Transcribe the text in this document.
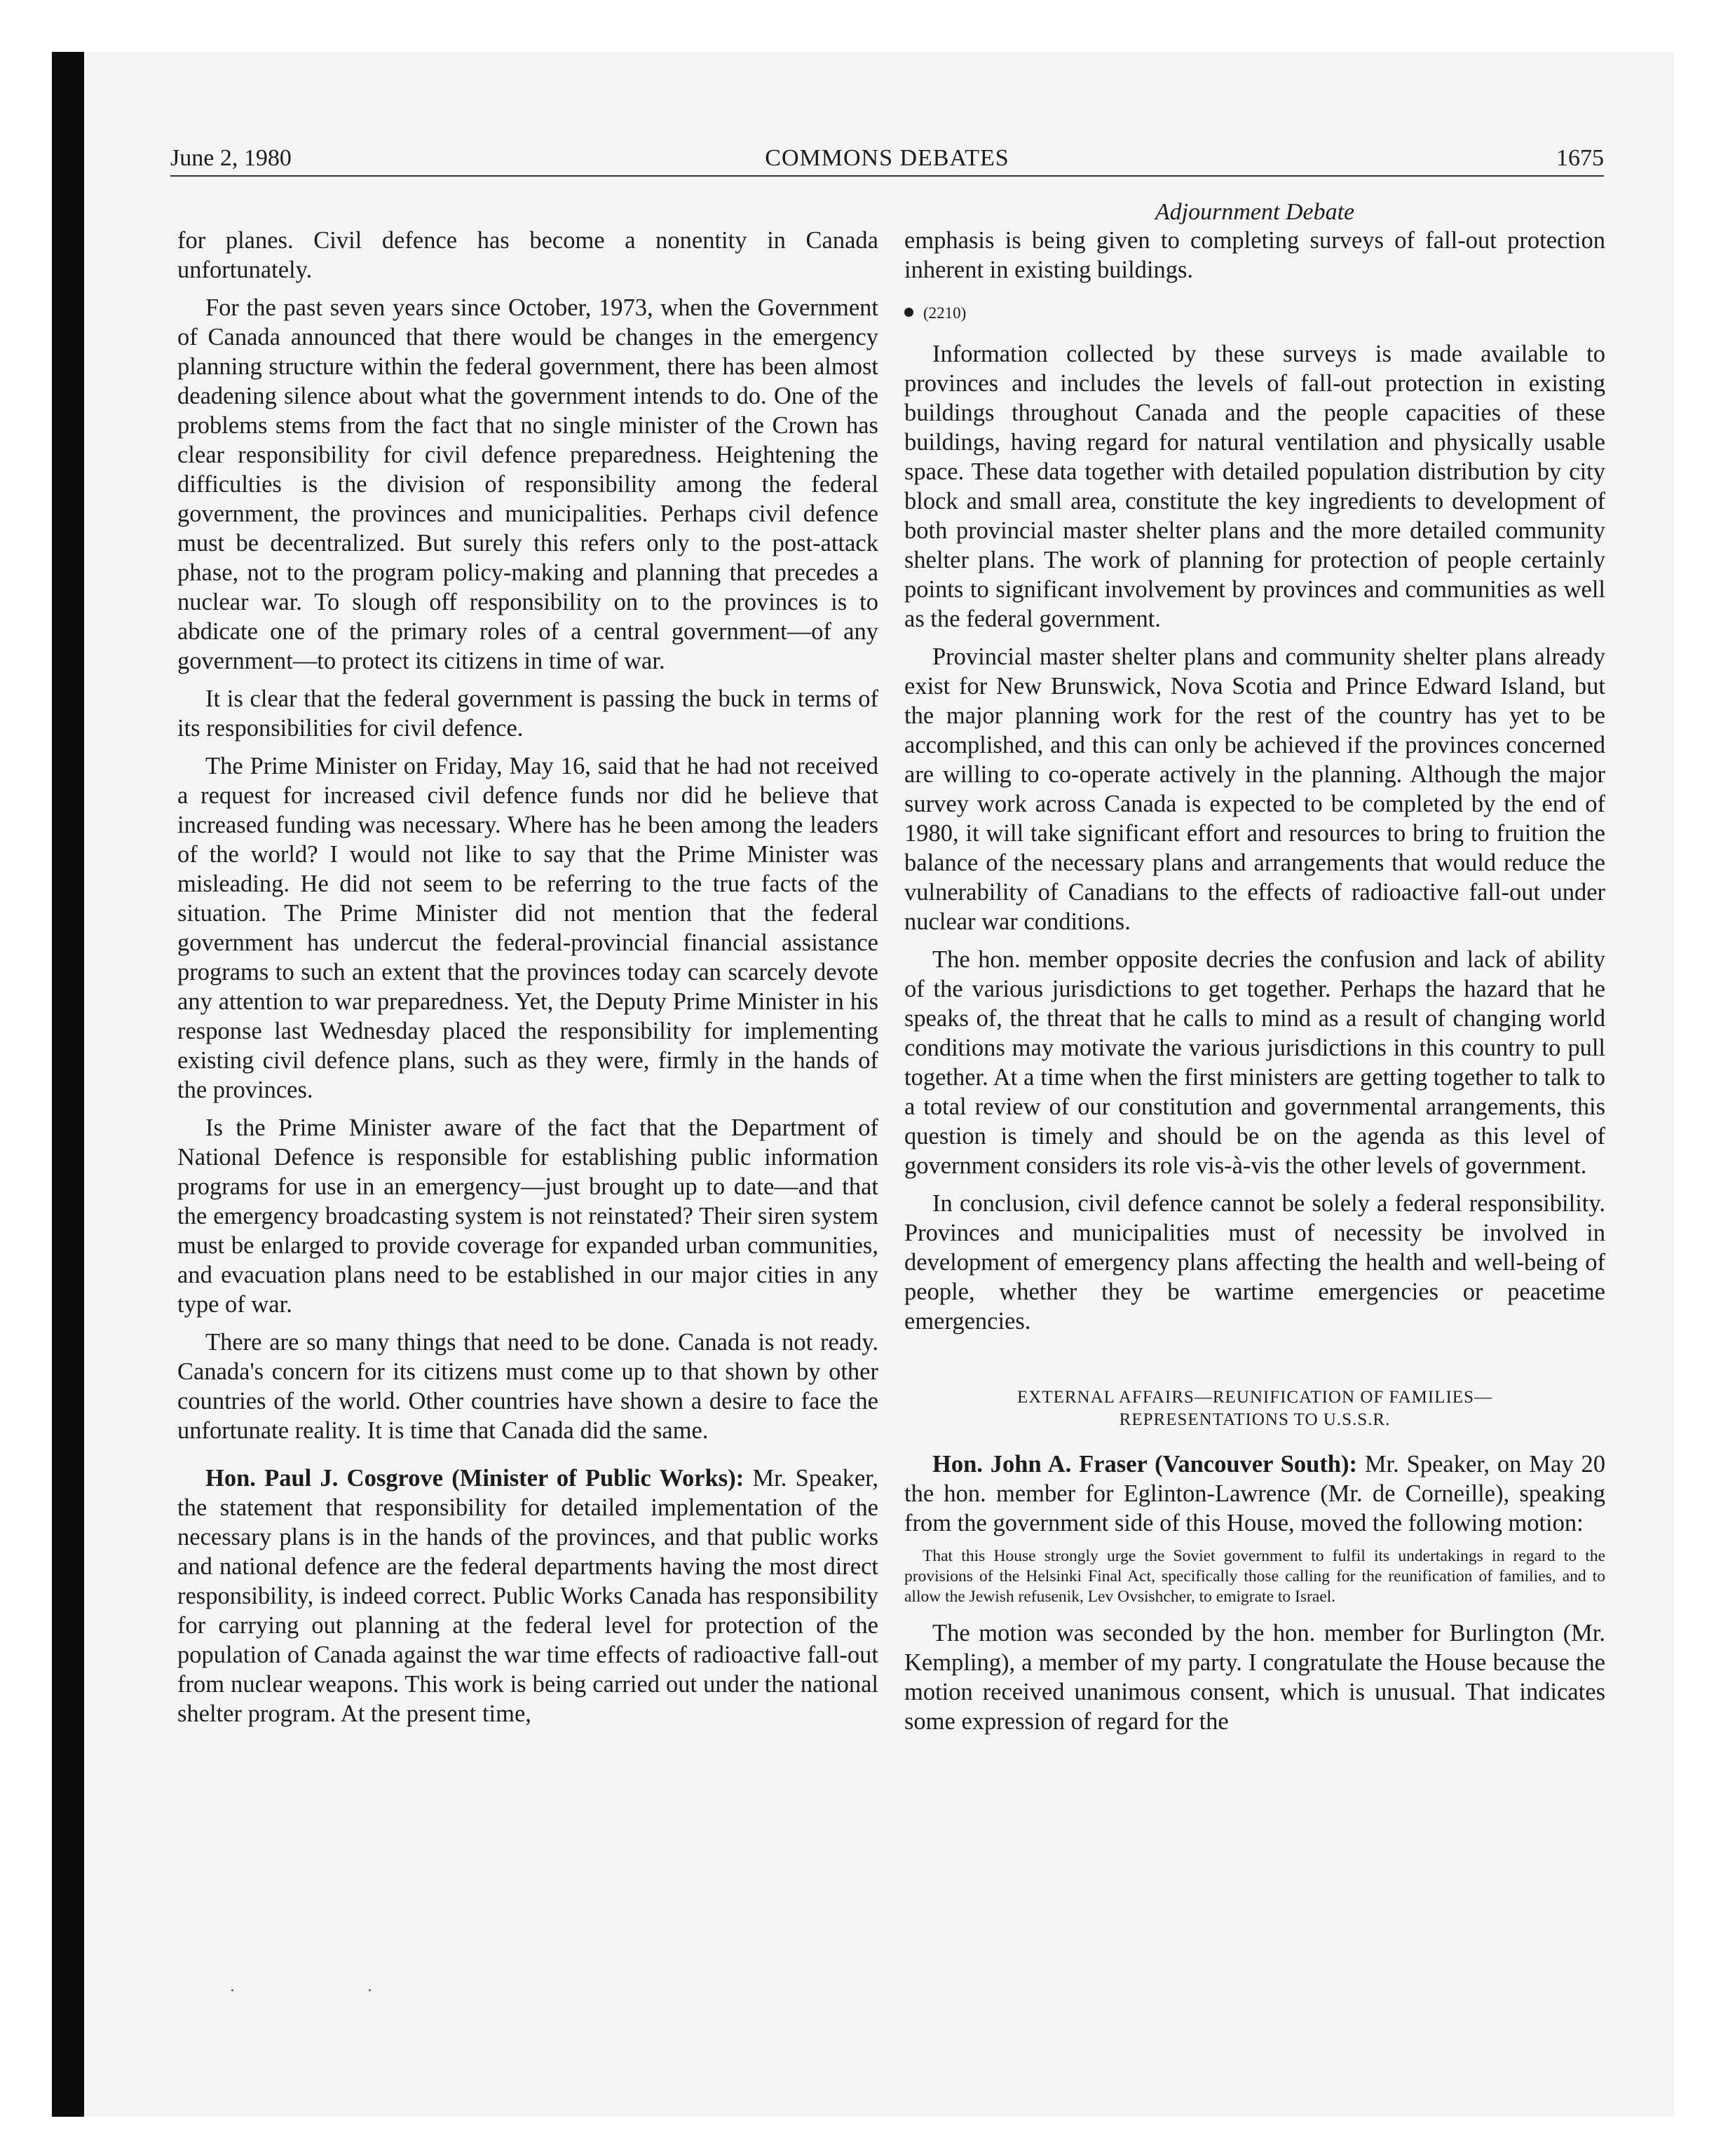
June 2, 1980	COMMONS DEBATES	1675
Adjournment Debate

for planes. Civil defence has become a nonentity in Canada unfortunately.

For the past seven years since October, 1973, when the Government of Canada announced that there would be changes in the emergency planning structure within the federal government, there has been almost deadening silence about what the government intends to do. One of the problems stems from the fact that no single minister of the Crown has clear responsibility for civil defence preparedness. Heightening the difficulties is the division of responsibility among the federal government, the provinces and municipalities. Perhaps civil defence must be decentralized. But surely this refers only to the post-attack phase, not to the program policy-making and planning that precedes a nuclear war. To slough off responsibility on to the provinces is to abdicate one of the primary roles of a central government—of any government—to protect its citizens in time of war.

It is clear that the federal government is passing the buck in terms of its responsibilities for civil defence.

The Prime Minister on Friday, May 16, said that he had not received a request for increased civil defence funds nor did he believe that increased funding was necessary. Where has he been among the leaders of the world? I would not like to say that the Prime Minister was misleading. He did not seem to be referring to the true facts of the situation. The Prime Minister did not mention that the federal government has undercut the federal-provincial financial assistance programs to such an extent that the provinces today can scarcely devote any attention to war preparedness. Yet, the Deputy Prime Minister in his response last Wednesday placed the responsibility for implementing existing civil defence plans, such as they were, firmly in the hands of the provinces.

Is the Prime Minister aware of the fact that the Department of National Defence is responsible for establishing public information programs for use in an emergency—just brought up to date—and that the emergency broadcasting system is not reinstated? Their siren system must be enlarged to provide coverage for expanded urban communities, and evacuation plans need to be established in our major cities in any type of war.

There are so many things that need to be done. Canada is not ready. Canada's concern for its citizens must come up to that shown by other countries of the world. Other countries have shown a desire to face the unfortunate reality. It is time that Canada did the same.

Hon. Paul J. Cosgrove (Minister of Public Works): Mr. Speaker, the statement that responsibility for detailed implementation of the necessary plans is in the hands of the provinces, and that public works and national defence are the federal departments having the most direct responsibility, is indeed correct. Public Works Canada has responsibility for carrying out planning at the federal level for protection of the population of Canada against the war time effects of radioactive fall-out from nuclear weapons. This work is being carried out under the national shelter program. At the present time,

emphasis is being given to completing surveys of fall-out protection inherent in existing buildings.

(2210)

Information collected by these surveys is made available to provinces and includes the levels of fall-out protection in existing buildings throughout Canada and the people capacities of these buildings, having regard for natural ventilation and physically usable space. These data together with detailed population distribution by city block and small area, constitute the key ingredients to development of both provincial master shelter plans and the more detailed community shelter plans. The work of planning for protection of people certainly points to significant involvement by provinces and communities as well as the federal government.

Provincial master shelter plans and community shelter plans already exist for New Brunswick, Nova Scotia and Prince Edward Island, but the major planning work for the rest of the country has yet to be accomplished, and this can only be achieved if the provinces concerned are willing to co-operate actively in the planning. Although the major survey work across Canada is expected to be completed by the end of 1980, it will take significant effort and resources to bring to fruition the balance of the necessary plans and arrangements that would reduce the vulnerability of Canadians to the effects of radioactive fall-out under nuclear war conditions.

The hon. member opposite decries the confusion and lack of ability of the various jurisdictions to get together. Perhaps the hazard that he speaks of, the threat that he calls to mind as a result of changing world conditions may motivate the various jurisdictions in this country to pull together. At a time when the first ministers are getting together to talk to a total review of our constitution and governmental arrangements, this question is timely and should be on the agenda as this level of government considers its role vis-à-vis the other levels of government.

In conclusion, civil defence cannot be solely a federal responsibility. Provinces and municipalities must of necessity be involved in development of emergency plans affecting the health and well-being of people, whether they be wartime emergencies or peacetime emergencies.

EXTERNAL AFFAIRS—REUNIFICATION OF FAMILIES—
REPRESENTATIONS TO U.S.S.R.

Hon. John A. Fraser (Vancouver South): Mr. Speaker, on May 20 the hon. member for Eglinton-Lawrence (Mr. de Corneille), speaking from the government side of this House, moved the following motion:

That this House strongly urge the Soviet government to fulfil its undertakings in regard to the provisions of the Helsinki Final Act, specifically those calling for the reunification of families, and to allow the Jewish refusenik, Lev Ovsishcher, to emigrate to Israel.

The motion was seconded by the hon. member for Burlington (Mr. Kempling), a member of my party. I congratulate the House because the motion received unanimous consent, which is unusual. That indicates some expression of regard for the
